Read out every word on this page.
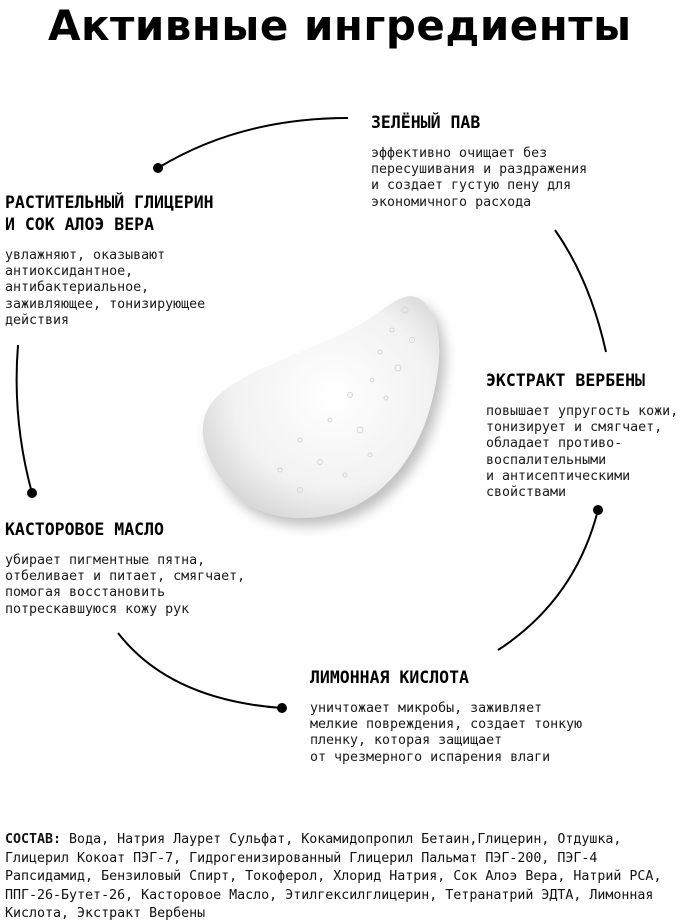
Активные ингредиенты
ЗЕЛЁНЫЙ ПАВ

эффективно очищает без
пересушивания и раздражения
и создает густую пену для
экономичного расхода

РАСТИТЕЛЬНЫЙ ГЛИЦЕРИН
И СОК АЛОЭ ВЕРА

увлажняют, оказывают
антиоксидантное,
антибактериальное,
заживляющее, тонизирующее
действия

ЭКСТРАКТ ВЕРБЕНЫ

повышает упругость кожи,
тонизирует и смягчает,
обладает противо-
воспалительными
и антисептическими
свойствами

КАСТОРОВОЕ МАСЛО

убирает пигментные пятна,
отбеливает и питает, смягчает,
помогая восстановить
потрескавшуюся кожу рук

ЛИМОННАЯ КИСЛОТА

уничтожает микробы, заживляет
мелкие повреждения, создает тонкую
пленку, которая защищает
от чрезмерного испарения влаги

СОСТАВ: Вода, Натрия Лаурет Сульфат, Кокамидопропил Бетаин,Глицерин, Отдушка, Глицерил Кокоат ПЭГ-7, Гидрогенизированный Глицерил Пальмат ПЭГ-200, ПЭГ-4 Рапсидамид, Бензиловый Спирт, Токоферол, Хлорид Натрия, Сок Алоэ Вера, Натрий PCA, ППГ-26-Бутет-26, Касторовое Масло, Этилгексилглицерин, Тетранатрий ЭДТА, Лимонная Кислота, Экстракт Вербены
